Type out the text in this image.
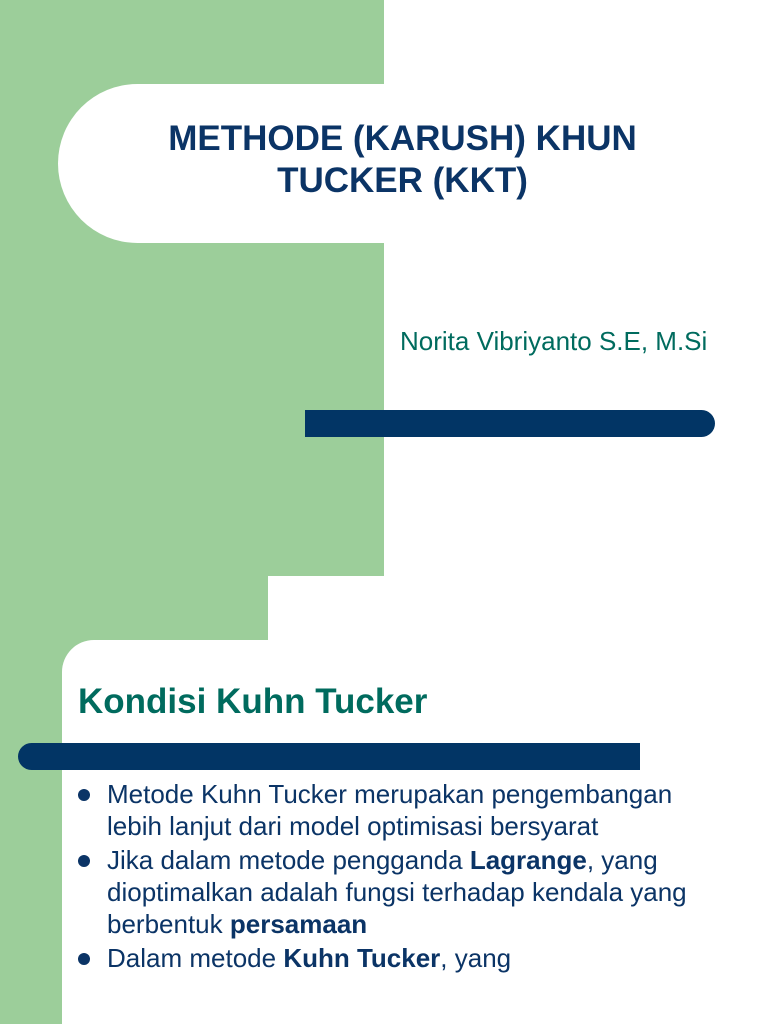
METHODE (KARUSH) KHUN TUCKER (KKT)
Norita Vibriyanto S.E, M.Si
Kondisi Kuhn Tucker
Metode Kuhn Tucker merupakan pengembangan lebih lanjut dari model optimisasi bersyarat
Jika dalam metode pengganda Lagrange, yang dioptimalkan adalah fungsi terhadap kendala yang berbentuk persamaan
Dalam metode Kuhn Tucker, yang
